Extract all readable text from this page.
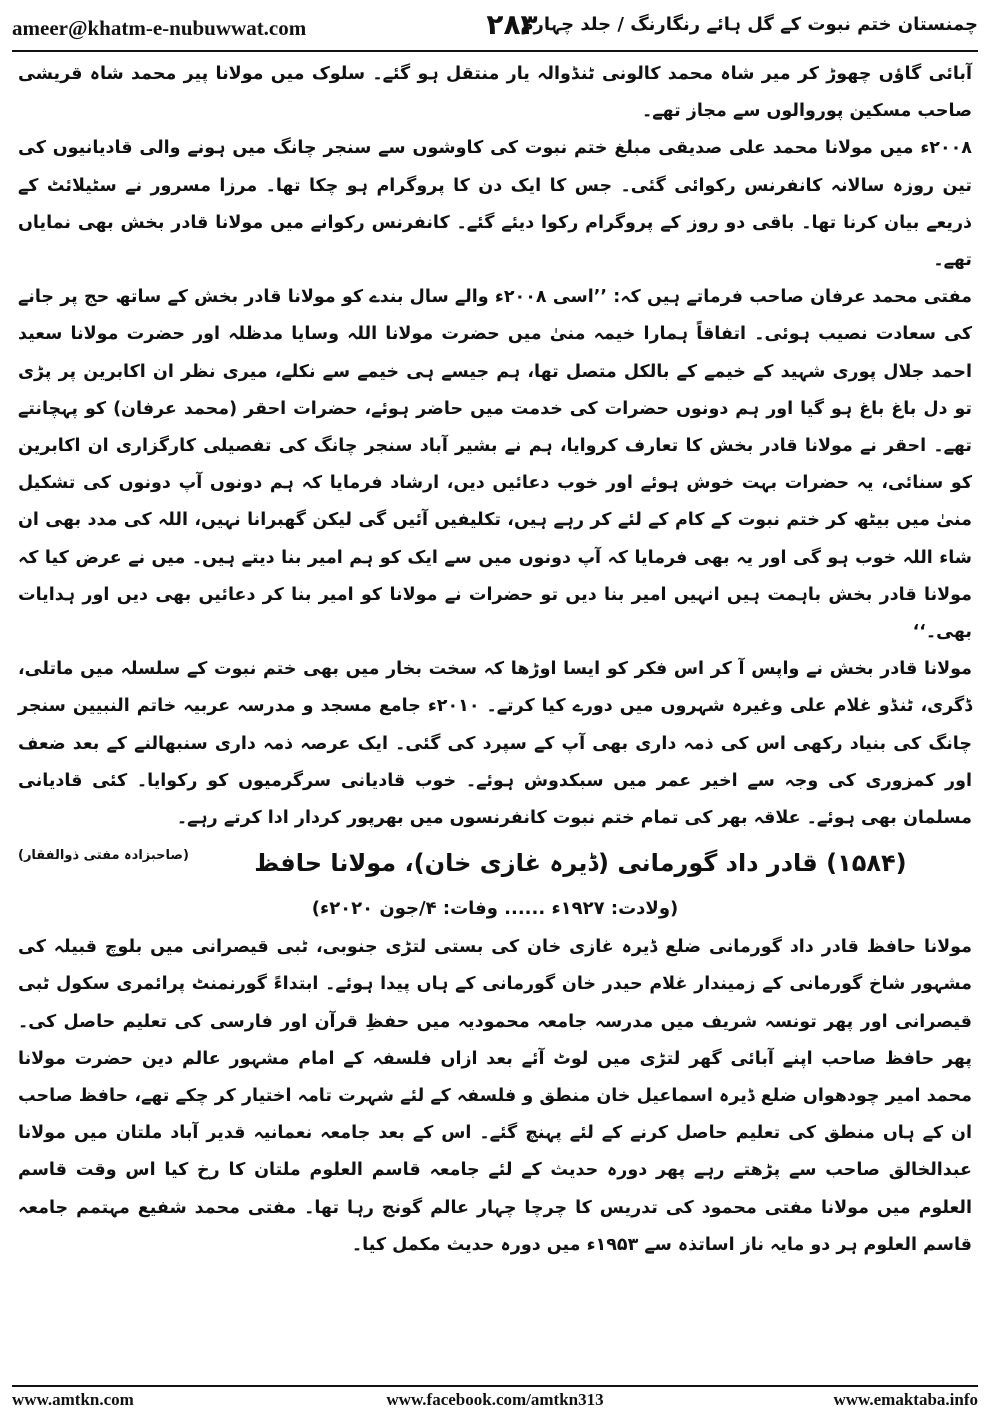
ameer@khatm-e-nubuwwat.com	۲۸۳
چمنستان ختم نبوت کے گل ہائے رنگارنگ / جلد چہارم

آبائی گاؤں چھوڑ کر میر شاہ محمد کالونی ٹنڈوالہ یار منتقل ہو گئے۔ سلوک میں مولانا پیر محمد شاہ قریشی صاحب مسکین پوروالوں سے مجاز تھے۔

۲۰۰۸ء میں مولانا محمد علی صدیقی مبلغ ختم نبوت کی کاوشوں سے سنجر چانگ میں ہونے والی قادیانیوں کی تین روزہ سالانہ کانفرنس رکوائی گئی۔ جس کا ایک دن کا پروگرام ہو چکا تھا۔ مرزا مسرور نے سٹیلائٹ کے ذریعے بیان کرنا تھا۔ باقی دو روز کے پروگرام رکوا دیئے گئے۔ کانفرنس رکوانے میں مولانا قادر بخش بھی نمایاں تھے۔

مفتی محمد عرفان صاحب فرماتے ہیں کہ: ’’اسی ۲۰۰۸ء والے سال بندے کو مولانا قادر بخش کے ساتھ حج پر جانے کی سعادت نصیب ہوئی۔ اتفاقاً ہمارا خیمہ منیٰ میں حضرت مولانا اللہ وسایا مدظلہ اور حضرت مولانا سعید احمد جلال پوری شہید کے خیمے کے بالکل متصل تھا، ہم جیسے ہی خیمے سے نکلے، میری نظر ان اکابرین پر پڑی تو دل باغ باغ ہو گیا اور ہم دونوں حضرات کی خدمت میں حاضر ہوئے، حضرات احقر (محمد عرفان) کو پہچانتے تھے۔ احقر نے مولانا قادر بخش کا تعارف کروایا، ہم نے بشیر آباد سنجر چانگ کی تفصیلی کارگزاری ان اکابرین کو سنائی، یہ حضرات بہت خوش ہوئے اور خوب دعائیں دیں، ارشاد فرمایا کہ ہم دونوں آپ دونوں کی تشکیل منیٰ میں بیٹھ کر ختم نبوت کے کام کے لئے کر رہے ہیں، تکلیفیں آئیں گی لیکن گھبرانا نہیں، اللہ کی مدد بھی ان شاء اللہ خوب ہو گی اور یہ بھی فرمایا کہ آپ دونوں میں سے ایک کو ہم امیر بنا دیتے ہیں۔ میں نے عرض کیا کہ مولانا قادر بخش باہمت ہیں انہیں امیر بنا دیں تو حضرات نے مولانا کو امیر بنا کر دعائیں بھی دیں اور ہدایات بھی۔‘‘

مولانا قادر بخش نے واپس آ کر اس فکر کو ایسا اوڑھا کہ سخت بخار میں بھی ختم نبوت کے سلسلہ میں ماتلی، ڈگری، ٹنڈو غلام علی وغیرہ شہروں میں دورے کیا کرتے۔ ۲۰۱۰ء جامع مسجد و مدرسہ عربیہ خاتم النبیین سنجر چانگ کی بنیاد رکھی اس کی ذمہ داری بھی آپ کے سپرد کی گئی۔ ایک عرصہ ذمہ داری سنبھالنے کے بعد ضعف اور کمزوری کی وجہ سے اخیر عمر میں سبکدوش ہوئے۔ خوب قادیانی سرگرمیوں کو رکوایا۔ کئی قادیانی مسلمان بھی ہوئے۔ علاقہ بھر کی تمام ختم نبوت کانفرنسوں میں بھرپور کردار ادا کرتے رہے۔
(صاحبزادہ مفتی ذوالفقار)	(۱۵۸۴) قادر داد گورمانی (ڈیرہ غازی خان)، مولانا حافظ

(ولادت: ۱۹۲۷ء ...... وفات: ۴/جون ۲۰۲۰ء)

مولانا حافظ قادر داد گورمانی ضلع ڈیرہ غازی خان کی بستی لتڑی جنوبی، ٹبی قیصرانی میں بلوچ قبیلہ کی مشہور شاخ گورمانی کے زمیندار غلام حیدر خان گورمانی کے ہاں پیدا ہوئے۔ ابتداءً گورنمنٹ پرائمری سکول ٹبی قیصرانی اور پھر تونسہ شریف میں مدرسہ جامعہ محمودیہ میں حفظِ قرآن اور فارسی کی تعلیم حاصل کی۔ پھر حافظ صاحب اپنے آبائی گھر لتڑی میں لوٹ آئے بعد ازاں فلسفہ کے امام مشہور عالم دین حضرت مولانا محمد امیر چودھواں ضلع ڈیرہ اسماعیل خان منطق و فلسفہ کے لئے شہرت تامہ اختیار کر چکے تھے، حافظ صاحب ان کے ہاں منطق کی تعلیم حاصل کرنے کے لئے پہنچ گئے۔ اس کے بعد جامعہ نعمانیہ قدیر آباد ملتان میں مولانا عبدالخالق صاحب سے پڑھتے رہے پھر دورہ حدیث کے لئے جامعہ قاسم العلوم ملتان کا رخ کیا اس وقت قاسم العلوم میں مولانا مفتی محمود کی تدریس کا چرچا چہار عالم گونج رہا تھا۔ مفتی محمد شفیع مہتمم جامعہ قاسم العلوم ہر دو مایہ ناز اساتذہ سے ۱۹۵۳ء میں دورہ حدیث مکمل کیا۔

www.amtkn.com	www.facebook.com/amtkn313	www.emaktaba.info
